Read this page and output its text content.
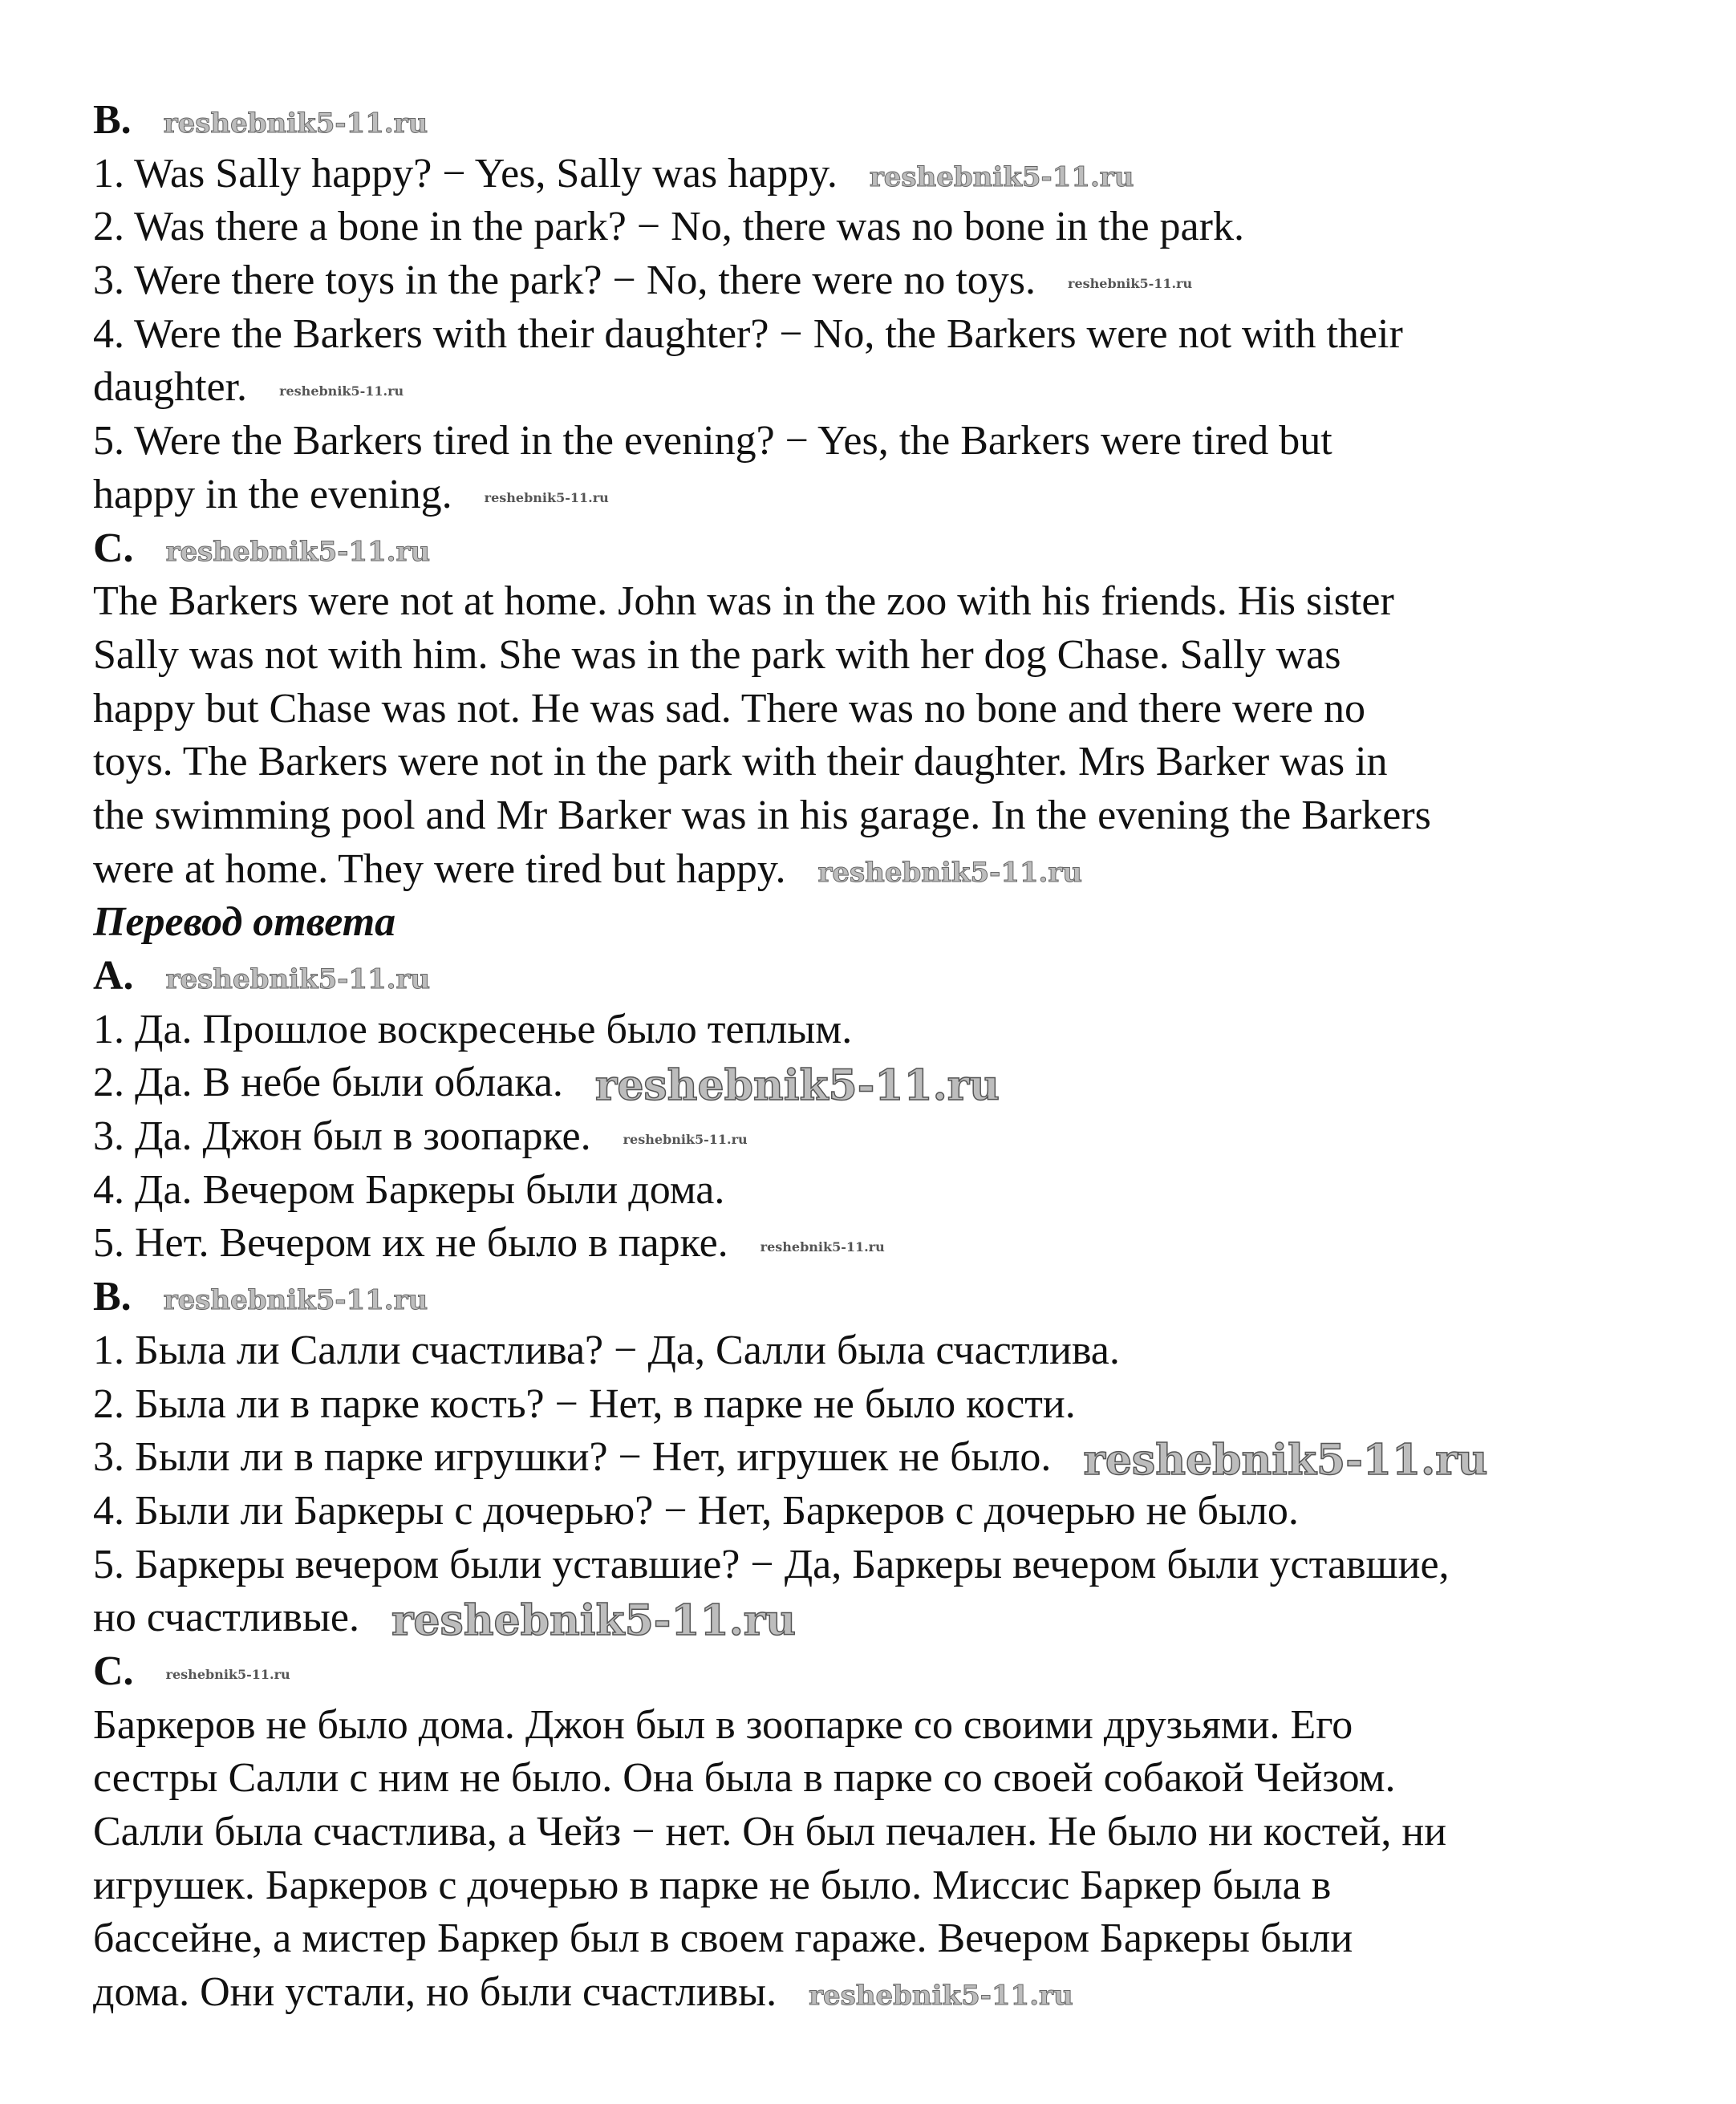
B. reshebnik5-11.ru
1. Was Sally happy? − Yes, Sally was happy. reshebnik5-11.ru
2. Was there a bone in the park? − No, there was no bone in the park.
3. Were there toys in the park? − No, there were no toys.	reshebnik5-11.ru
4. Were the Barkers with their daughter? − No, the Barkers were not with their
daughter.	reshebnik5-11.ru
5. Were the Barkers tired in the evening? − Yes, the Barkers were tired but
happy in the evening.	reshebnik5-11.ru
C. reshebnik5-11.ru
The Barkers were not at home. John was in the zoo with his friends. His sister
Sally was not with him. She was in the park with her dog Chase. Sally was
happy but Chase was not. He was sad. There was no bone and there were no
toys. The Barkers were not in the park with their daughter. Mrs Barker was in
the swimming pool and Mr Barker was in his garage. In the evening the Barkers
were at home. They were tired but happy. reshebnik5-11.ru
Перевод ответа
A. reshebnik5-11.ru
1. Да. Прошлое воскресенье было теплым.
2. Да. В небе были облака. reshebnik5-11.ru
3. Да. Джон был в зоопарке.	reshebnik5-11.ru
4. Да. Вечером Баркеры были дома.
5. Нет. Вечером их не было в парке.	reshebnik5-11.ru
B. reshebnik5-11.ru
1. Была ли Салли счастлива? − Да, Салли была счастлива.
2. Была ли в парке кость? − Нет, в парке не было кости.
3. Были ли в парке игрушки? − Нет, игрушек не было. reshebnik5-11.ru
4. Были ли Баркеры с дочерью? − Нет, Баркеров с дочерью не было.
5. Баркеры вечером были уставшие? − Да, Баркеры вечером были уставшие,
но счастливые. reshebnik5-11.ru
C.	reshebnik5-11.ru
Баркеров не было дома. Джон был в зоопарке со своими друзьями. Его
сестры Салли с ним не было. Она была в парке со своей собакой Чейзом.
Салли была счастлива, а Чейз − нет. Он был печален. Не было ни костей, ни
игрушек. Баркеров с дочерью в парке не было. Миссис Баркер была в
бассейне, а мистер Баркер был в своем гараже. Вечером Баркеры были
дома. Они устали, но были счастливы. reshebnik5-11.ru
